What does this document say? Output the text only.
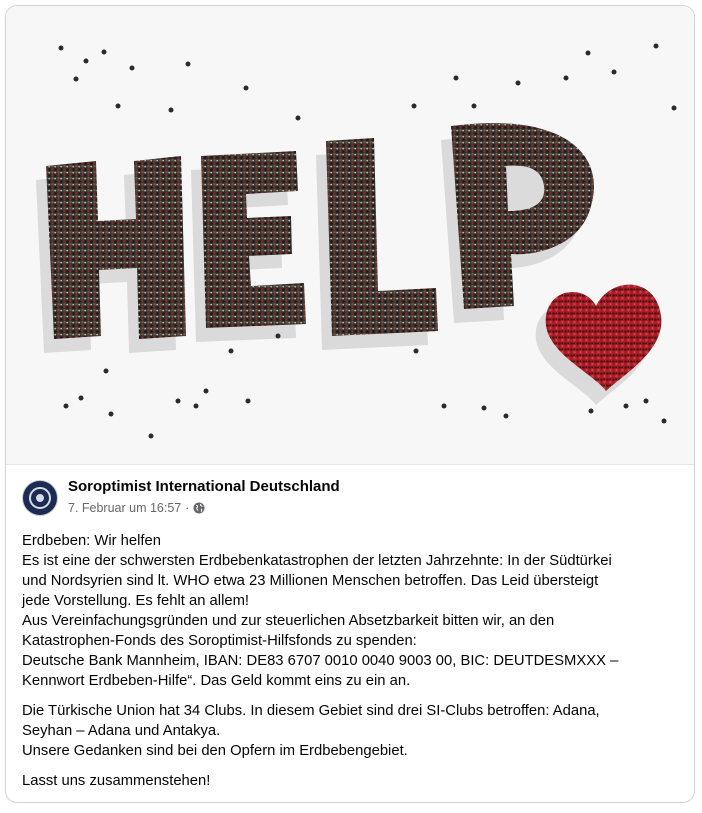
Soroptimist International Deutschland
7. Februar um 16:57 ·

Erdbeben: Wir helfen
Es ist eine der schwersten Erdbebenkatastrophen der letzten Jahrzehnte: In der Südtürkei
und Nordsyrien sind lt. WHO etwa 23 Millionen Menschen betroffen. Das Leid übersteigt
jede Vorstellung. Es fehlt an allem!
Aus Vereinfachungsgründen und zur steuerlichen Absetzbarkeit bitten wir, an den
Katastrophen-Fonds des Soroptimist-Hilfsfonds zu spenden:
Deutsche Bank Mannheim, IBAN: DE83 6707 0010 0040 9003 00, BIC: DEUTDESMXXX –
Kennwort Erdbeben-Hilfe“. Das Geld kommt eins zu ein an.

Die Türkische Union hat 34 Clubs. In diesem Gebiet sind drei SI-Clubs betroffen: Adana,
Seyhan – Adana und Antakya.
Unsere Gedanken sind bei den Opfern im Erdbebengebiet.

Lasst uns zusammenstehen!
